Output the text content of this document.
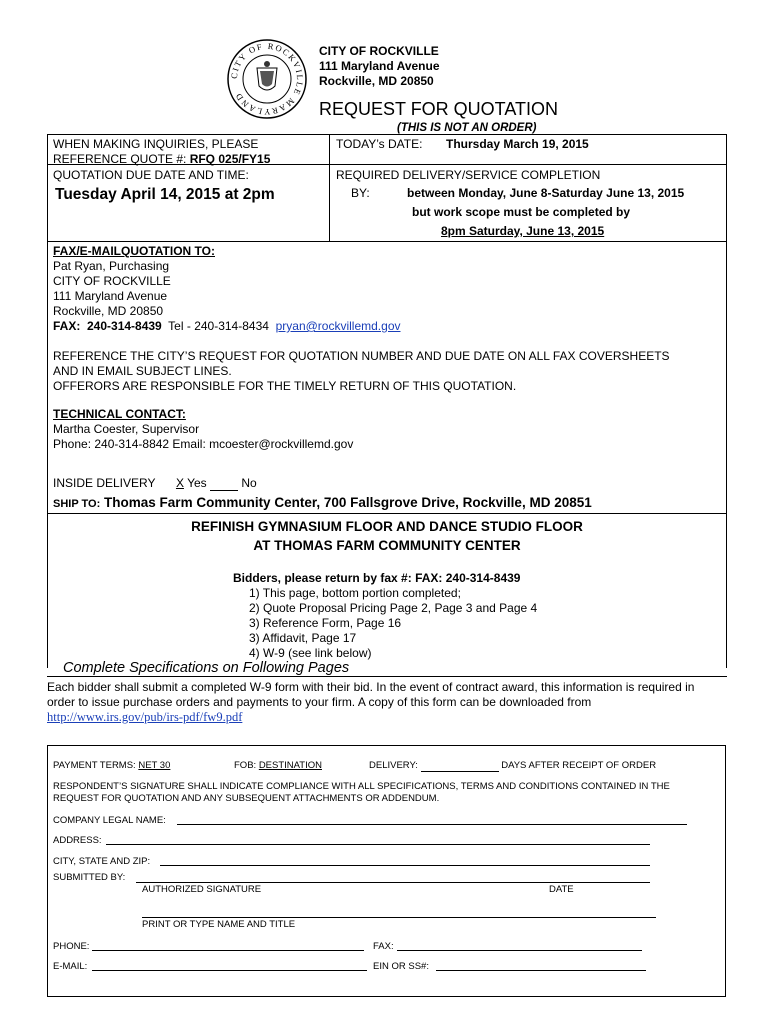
CITY OF ROCKVILLE MARYLAND
CITY OF ROCKVILLE
111 Maryland Avenue
Rockville, MD 20850
REQUEST FOR QUOTATION
(THIS IS NOT AN ORDER)
WHEN MAKING INQUIRIES, PLEASE
REFERENCE QUOTE #: RFQ 025/FY15
QUOTATION DUE DATE AND TIME:
Tuesday April 14, 2015 at 2pm
TODAY’s DATE: Thursday March 19, 2015
REQUIRED DELIVERY/SERVICE COMPLETION
BY:	between Monday, June 8-Saturday June 13, 2015
but work scope must be completed by
8pm Saturday, June 13, 2015
FAX/E-MAILQUOTATION TO:
Pat Ryan, Purchasing
CITY OF ROCKVILLE
111 Maryland Avenue
Rockville, MD 20850
FAX:  240-314-8439  Tel - 240-314-8434  pryan@rockvillemd.gov
REFERENCE THE CITY’S REQUEST FOR QUOTATION NUMBER AND DUE DATE ON ALL FAX COVERSHEETS
AND IN EMAIL SUBJECT LINES.
OFFERORS ARE RESPONSIBLE FOR THE TIMELY RETURN OF THIS QUOTATION.
TECHNICAL CONTACT:
Martha Coester, Supervisor
Phone: 240-314-8842 Email: mcoester@rockvillemd.gov
INSIDE DELIVERY X Yes	No
SHIP TO: Thomas Farm Community Center, 700 Fallsgrove Drive, Rockville, MD 20851
REFINISH GYMNASIUM FLOOR AND DANCE STUDIO FLOOR
AT THOMAS FARM COMMUNITY CENTER
Bidders, please return by fax #: FAX: 240-314-8439
1) This page, bottom portion completed;
2) Quote Proposal Pricing Page 2, Page 3 and Page 4
3) Reference Form, Page 16
3) Affidavit, Page 17
4) W-9 (see link below)
Complete Specifications on Following Pages
Each bidder shall submit a completed W-9 form with their bid. In the event of contract award, this information is required in
order to issue purchase orders and payments to your firm. A copy of this form can be downloaded from
http://www.irs.gov/pub/irs-pdf/fw9.pdf
PAYMENT TERMS: NET 30	FOB: DESTINATION	DELIVERY:	DAYS AFTER RECEIPT OF ORDER
RESPONDENT’S SIGNATURE SHALL INDICATE COMPLIANCE WITH ALL SPECIFICATIONS, TERMS AND CONDITIONS CONTAINED IN THE
REQUEST FOR QUOTATION AND ANY SUBSEQUENT ATTACHMENTS OR ADDENDUM.
COMPANY LEGAL NAME:
ADDRESS:
CITY, STATE AND ZIP:
SUBMITTED BY:
AUTHORIZED SIGNATURE	DATE
PRINT OR TYPE NAME AND TITLE
PHONE:	FAX:
E-MAIL:	EIN OR SS#:
